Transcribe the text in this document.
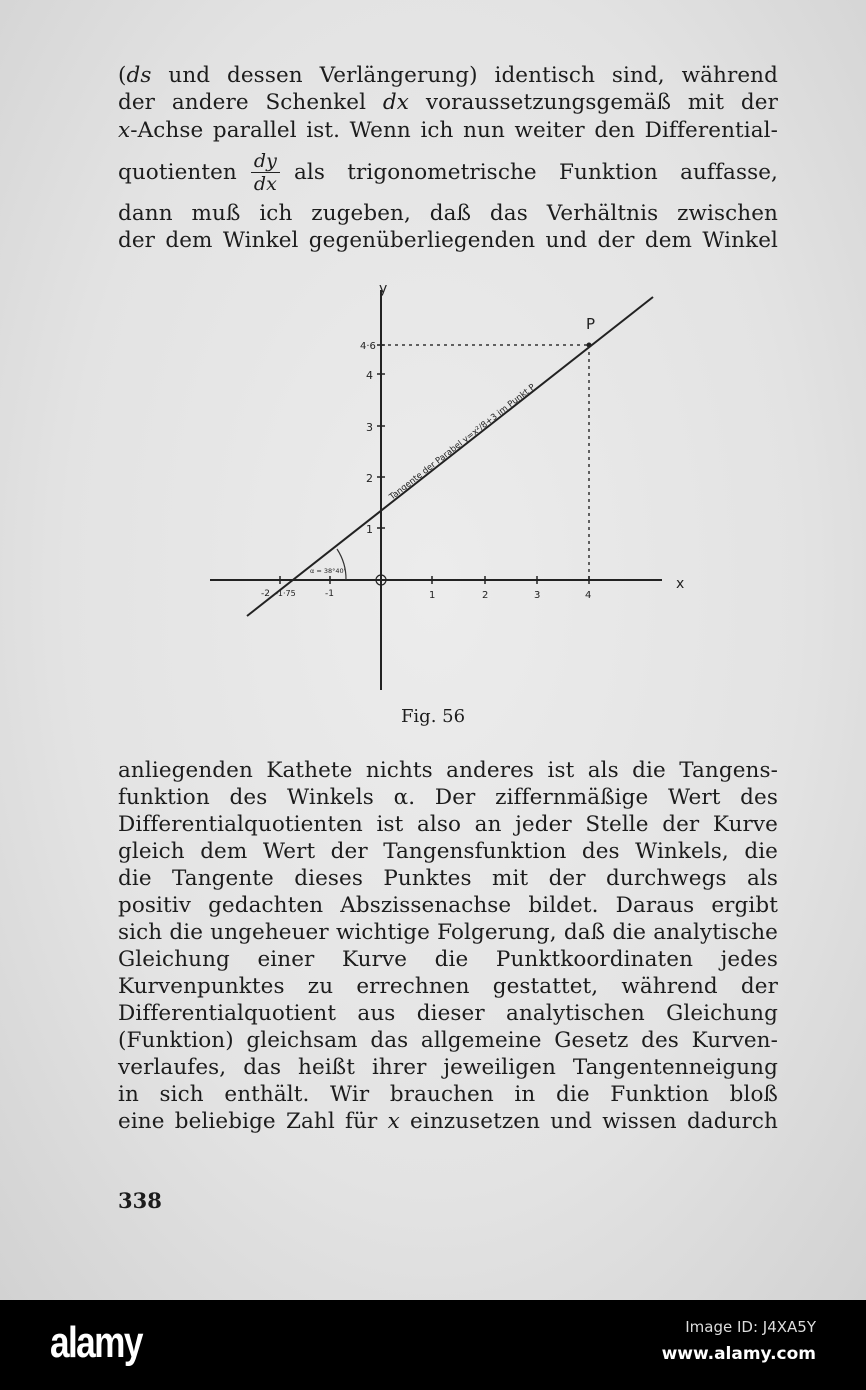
(ds und dessen Verlängerung) identisch sind, während
der andere Schenkel dx voraussetzungsgemäß mit der
x-Achse parallel ist. Wenn ich nun weiter den Differential-
quotienten $\frac{dy}{dx}$ als trigonometrische Funktion auffasse,
dann muß ich zugeben, daß das Verhältnis zwischen
der dem Winkel gegenüberliegenden und der dem Winkel
y
x
P
1
2
3
4
4·6
-2 -1·75	-1	1	2	3	4
α = 38°40'
Tangente der Parabel y=x²/8+3 im Punkt P
Fig. 56
anliegenden Kathete nichts anderes ist als die Tangens-
funktion des Winkels α. Der ziffernmäßige Wert des
Differentialquotienten ist also an jeder Stelle der Kurve
gleich dem Wert der Tangensfunktion des Winkels, die
die Tangente dieses Punktes mit der durchwegs als
positiv gedachten Abszissenachse bildet. Daraus ergibt
sich die ungeheuer wichtige Folgerung, daß die analytische
Gleichung einer Kurve die Punktkoordinaten jedes
Kurvenpunktes zu errechnen gestattet, während der
Differentialquotient aus dieser analytischen Gleichung
(Funktion) gleichsam das allgemeine Gesetz des Kurven-
verlaufes, das heißt ihrer jeweiligen Tangentenneigung
in sich enthält. Wir brauchen in die Funktion bloß
eine beliebige Zahl für x einzusetzen und wissen dadurch
338
alamy	Image ID: J4XA5Y
www.alamy.com
